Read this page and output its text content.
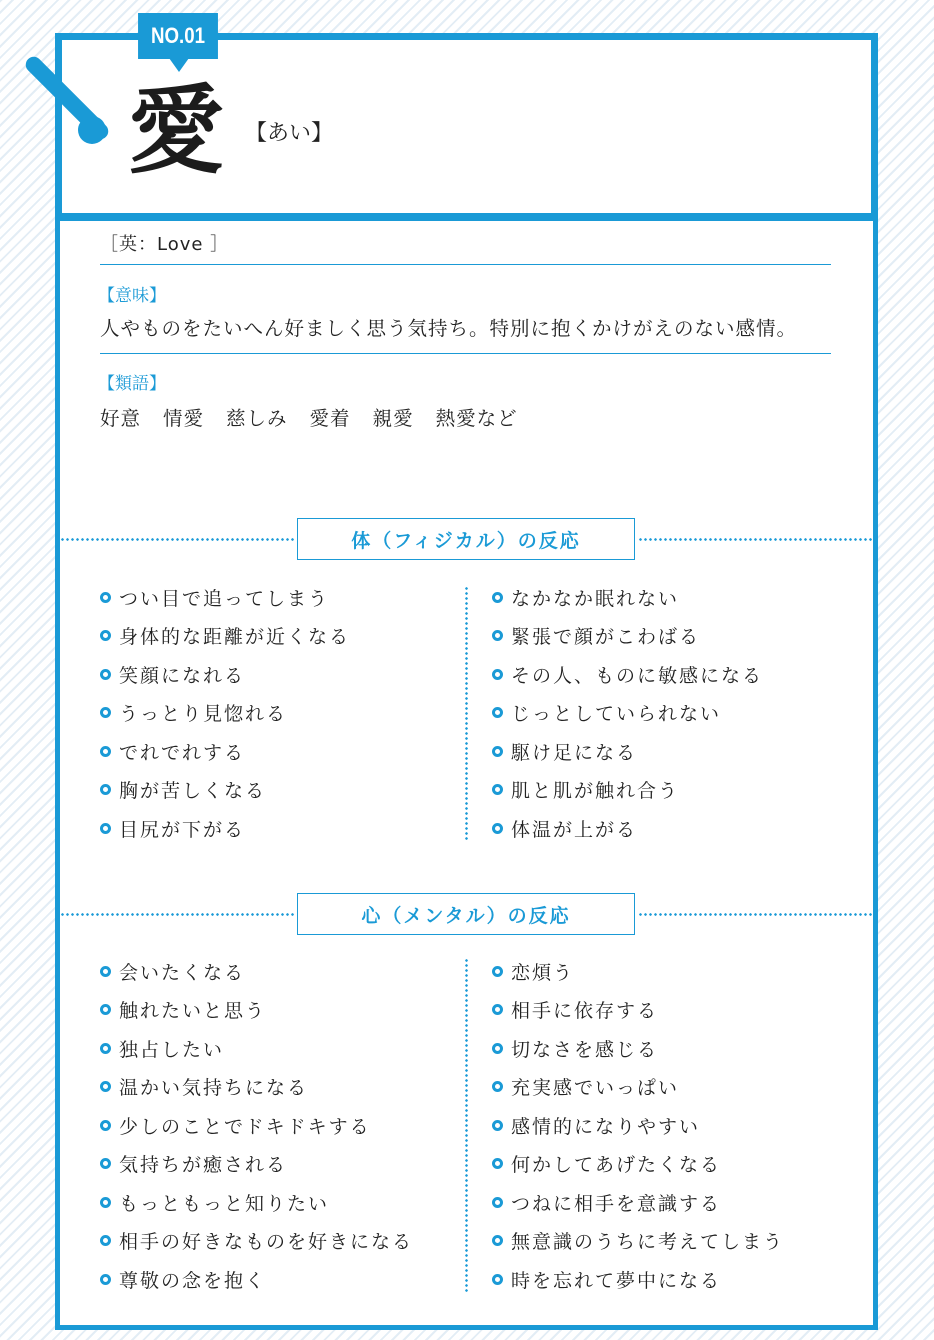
NO.01
愛 【あい】
［英：Love ］
【意味】
人やものをたいへん好ましく思う気持ち。特別に抱くかけがえのない感情。
【類語】
好意 情愛 慈しみ 愛着 親愛 熱愛など
体（フィジカル）の反応
つい目で追ってしまう
身体的な距離が近くなる
笑顔になれる
うっとり見惚れる
でれでれする
胸が苦しくなる
目尻が下がる
なかなか眠れない
緊張で顔がこわばる
その人、ものに敏感になる
じっとしていられない
駆け足になる
肌と肌が触れ合う
体温が上がる
心（メンタル）の反応
会いたくなる
触れたいと思う
独占したい
温かい気持ちになる
少しのことでドキドキする
気持ちが癒される
もっともっと知りたい
相手の好きなものを好きになる
尊敬の念を抱く
恋煩う
相手に依存する
切なさを感じる
充実感でいっぱい
感情的になりやすい
何かしてあげたくなる
つねに相手を意識する
無意識のうちに考えてしまう
時を忘れて夢中になる
